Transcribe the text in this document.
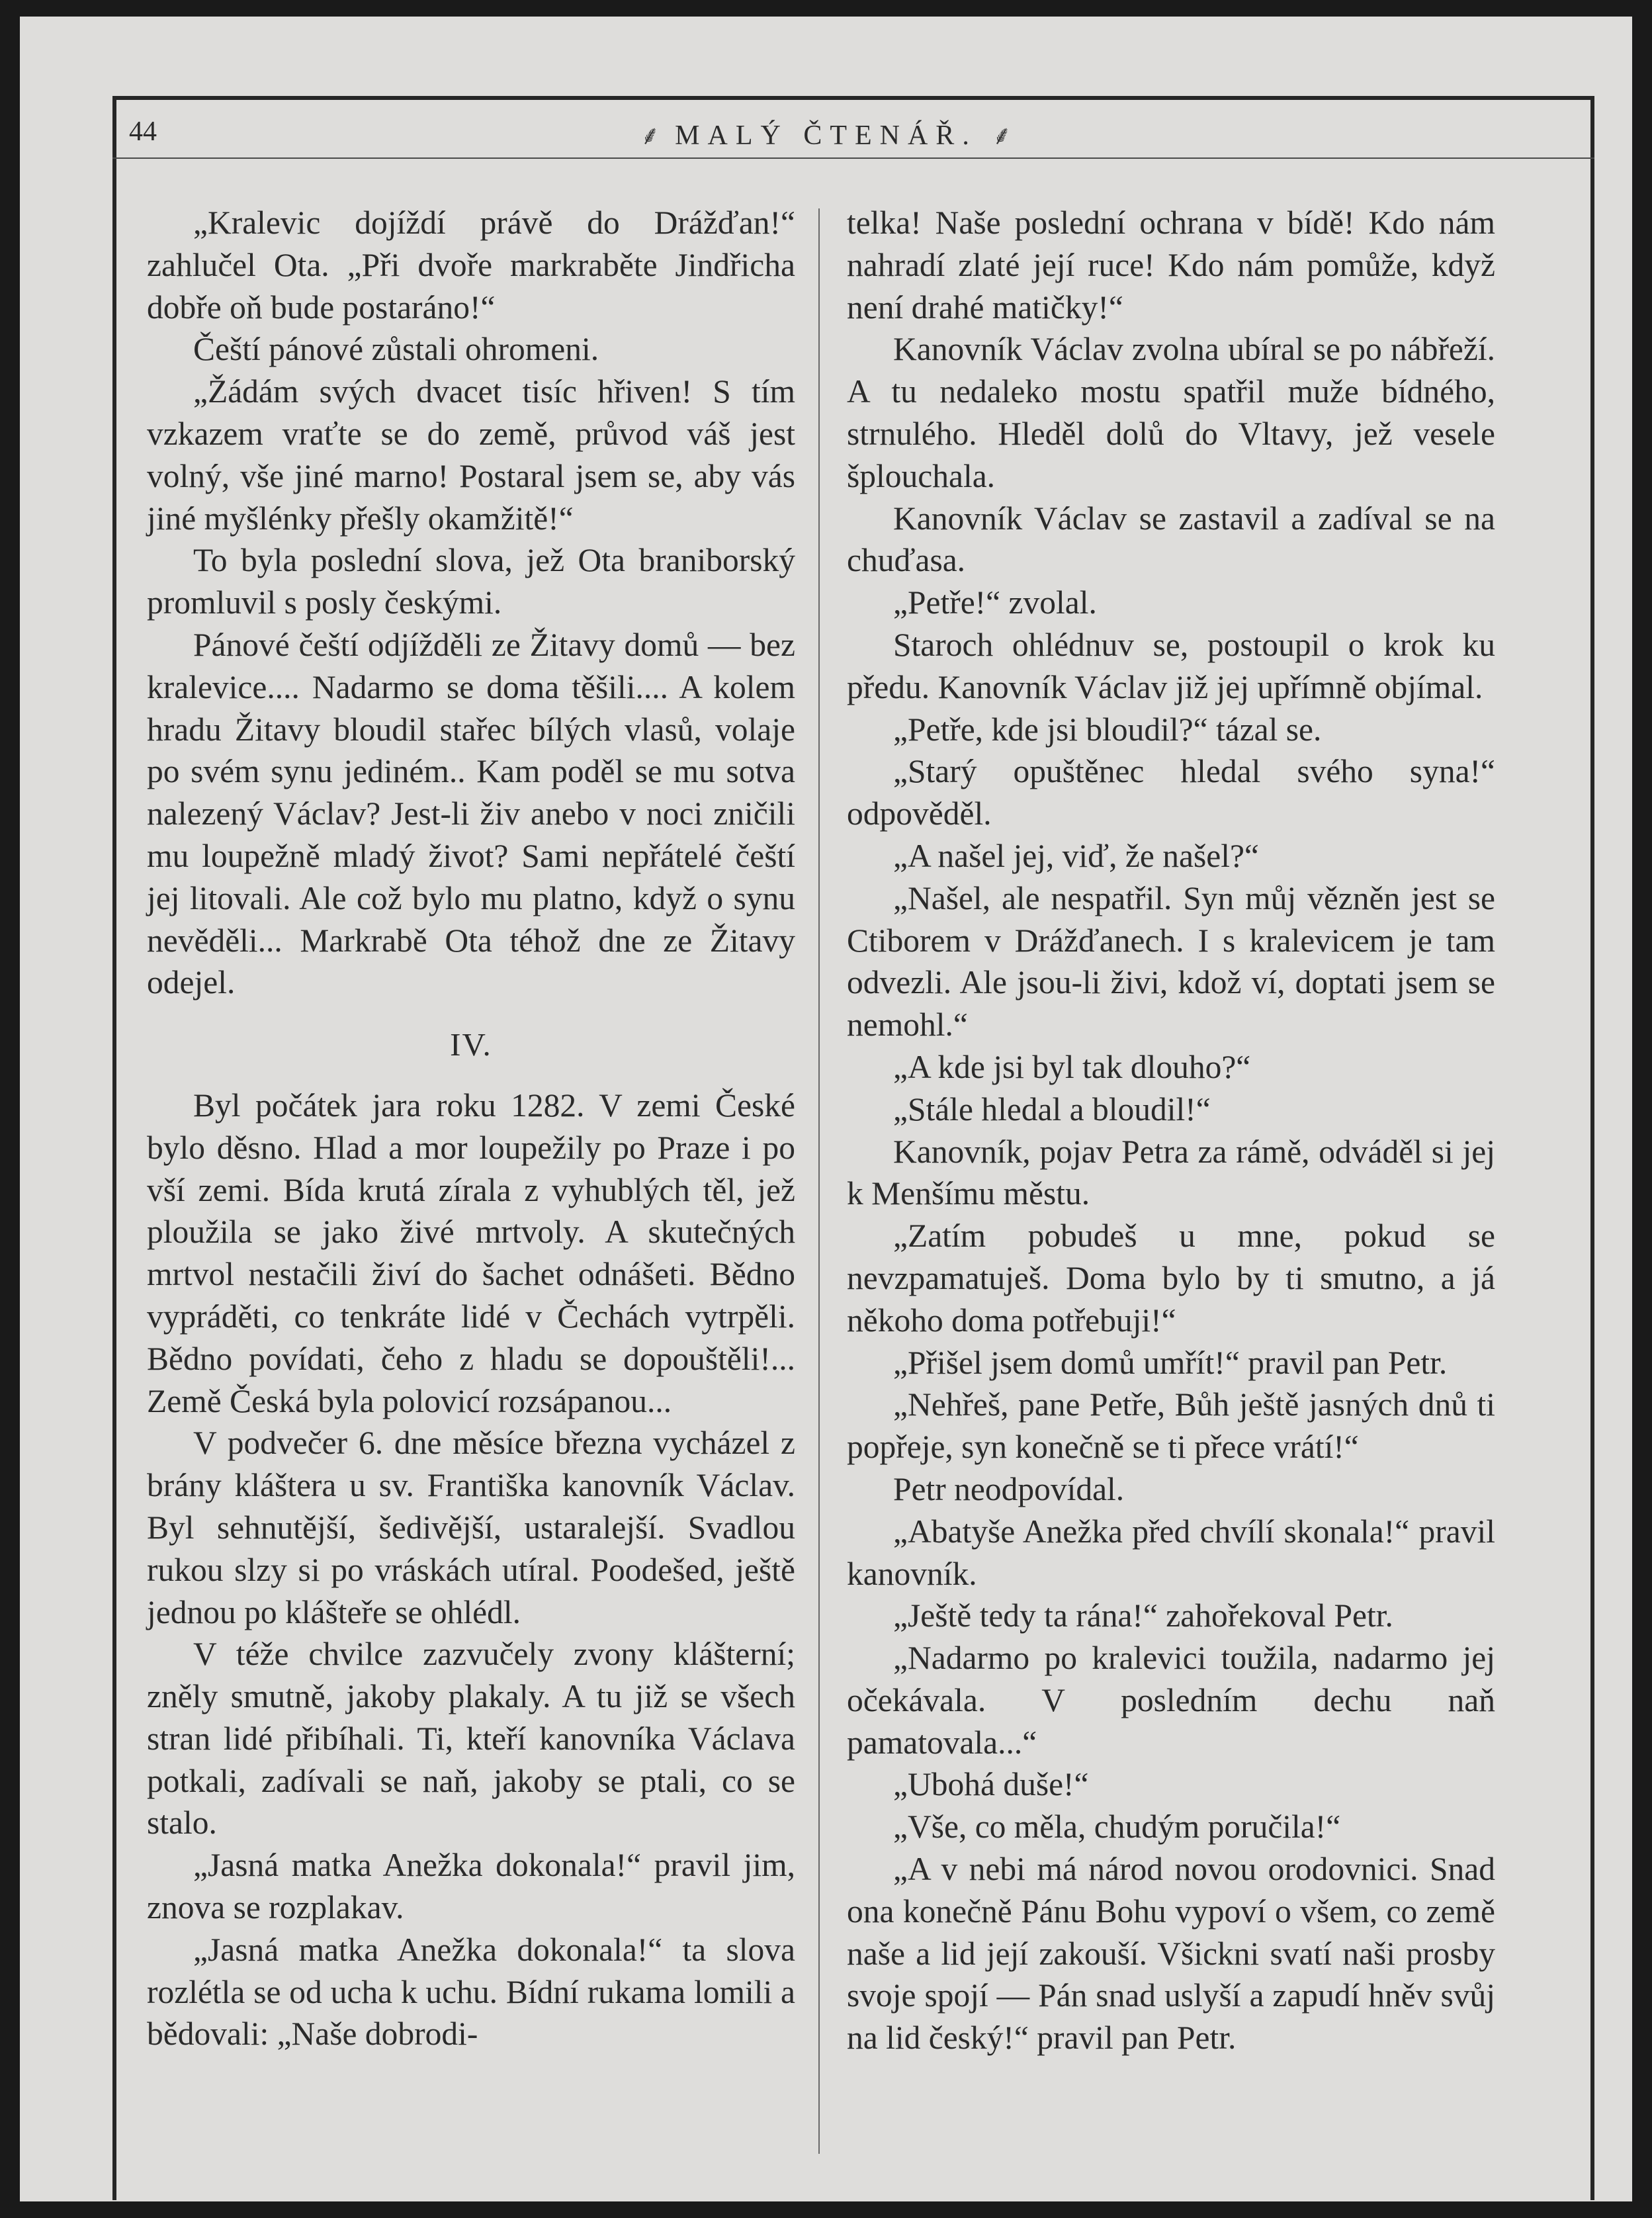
44	⸙ MALÝ ČTENÁŘ. ⸙

„Kralevic dojíždí právě do Drážďan!“ zahlučel Ota. „Při dvoře markraběte Jindřicha dobře oň bude postaráno!“

Čeští pánové zůstali ohromeni.

„Žádám svých dvacet tisíc hřiven! S tím vzkazem vraťte se do země, průvod váš jest volný, vše jiné marno! Postaral jsem se, aby vás jiné myšlénky přešly okamžitě!“

To byla poslední slova, jež Ota braniborský promluvil s posly českými.

Pánové čeští odjížděli ze Žitavy domů — bez kralevice.... Nadarmo se doma těšili.... A kolem hradu Žitavy bloudil stařec bílých vlasů, volaje po svém synu jediném.. Kam poděl se mu sotva nalezený Václav? Jest-li živ anebo v noci zničili mu loupežně mladý život? Sami nepřátelé čeští jej litovali. Ale což bylo mu platno, když o synu nevěděli... Markrabě Ota téhož dne ze Žitavy odejel.

IV.

Byl počátek jara roku 1282. V zemi České bylo děsno. Hlad a mor loupežily po Praze i po vší zemi. Bída krutá zírala z vyhublých těl, jež ploužila se jako živé mrtvoly. A skutečných mrtvol nestačili živí do šachet odnášeti. Bědno vypráděti, co tenkráte lidé v Čechách vytrpěli. Bědno povídati, čeho z hladu se dopouštěli!... Země Česká byla polovicí rozsápanou...

V podvečer 6. dne měsíce března vycházel z brány kláštera u sv. Františka kanovník Václav. Byl sehnutější, šedivější, ustaralejší. Svadlou rukou slzy si po vráskách utíral. Poodešed, ještě jednou po klášteře se ohlédl.

V téže chvilce zazvučely zvony klášterní; zněly smutně, jakoby plakaly. A tu již se všech stran lidé přibíhali. Ti, kteří kanovníka Václava potkali, zadívali se naň, jakoby se ptali, co se stalo.

„Jasná matka Anežka dokonala!“ pravil jim, znova se rozplakav.

„Jasná matka Anežka dokonala!“ ta slova rozlétla se od ucha k uchu. Bídní rukama lomili a bědovali: „Naše dobrodi-

telka! Naše poslední ochrana v bídě! Kdo nám nahradí zlaté její ruce! Kdo nám pomůže, když není drahé matičky!“

Kanovník Václav zvolna ubíral se po nábřeží. A tu nedaleko mostu spatřil muže bídného, strnulého. Hleděl dolů do Vltavy, jež vesele šplouchala.

Kanovník Václav se zastavil a zadíval se na chuďasa.

„Petře!“ zvolal.

Staroch ohlédnuv se, postoupil o krok ku předu. Kanovník Václav již jej upřímně objímal.

„Petře, kde jsi bloudil?“ tázal se.

„Starý opuštěnec hledal svého syna!“ odpověděl.

„A našel jej, viď, že našel?“

„Našel, ale nespatřil. Syn můj vězněn jest se Ctiborem v Drážďanech. I s kralevicem je tam odvezli. Ale jsou-li živi, kdož ví, doptati jsem se nemohl.“

„A kde jsi byl tak dlouho?“

„Stále hledal a bloudil!“

Kanovník, pojav Petra za rámě, odváděl si jej k Menšímu městu.

„Zatím pobudeš u mne, pokud se nevzpamatuješ. Doma bylo by ti smutno, a já někoho doma potřebuji!“

„Přišel jsem domů umřít!“ pravil pan Petr.

„Nehřeš, pane Petře, Bůh ještě jasných dnů ti popřeje, syn konečně se ti přece vrátí!“

Petr neodpovídal.

„Abatyše Anežka před chvílí skonala!“ pravil kanovník.

„Ještě tedy ta rána!“ zahořekoval Petr.

„Nadarmo po kralevici toužila, nadarmo jej očekávala. V posledním dechu naň pamatovala...“

„Ubohá duše!“

„Vše, co měla, chudým poručila!“

„A v nebi má národ novou orodovnici. Snad ona konečně Pánu Bohu vypoví o všem, co země naše a lid její zakouší. Všickni svatí naši prosby svoje spojí — Pán snad uslyší a zapudí hněv svůj na lid český!“ pravil pan Petr.
